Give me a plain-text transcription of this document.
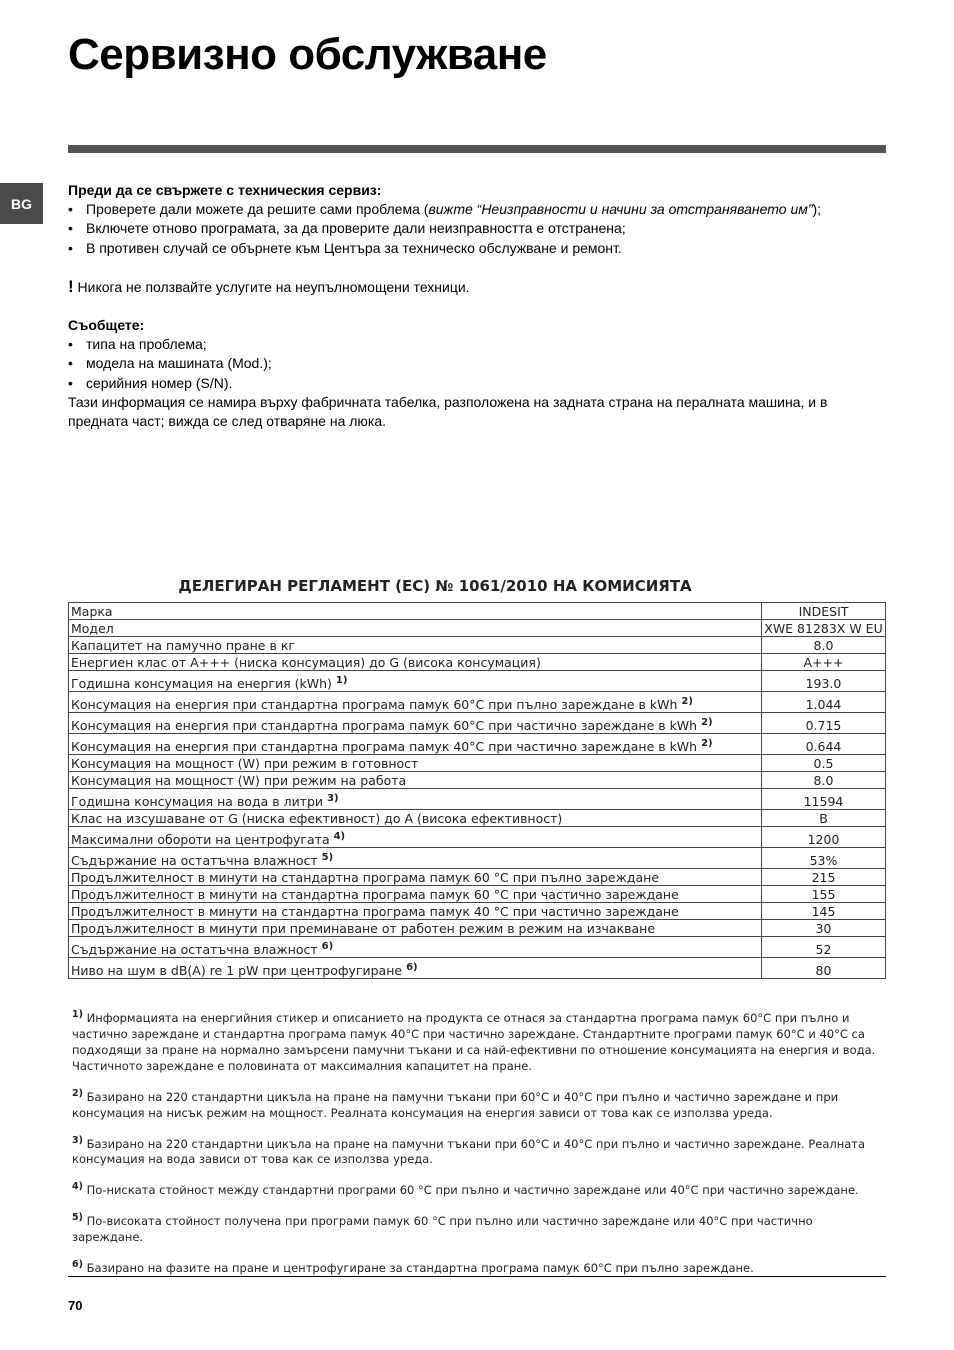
Сервизно обслужване
BG

Преди да се свържете с техническия сервиз:

• Проверете дали можете да решите сами проблема (вижте “Неизправности и начини за отстраняването им”);

• Включете отново програмата, за да проверите дали неизправността е отстранена;

• В противен случай се обърнете към Центъра за техническо обслужване и ремонт.

! Никога не ползвайте услугите на неупълномощени техници.

Съобщете:

• типа на проблема;

• модела на машината (Mod.);

• серийния номер (S/N).

Тази информация се намира върху фабричната табелка, разположена на задната страна на пералната машина, и в предната част; вижда се след отваряне на люка.

ДЕЛЕГИРАН РЕГЛАМЕНТ (ЕС) № 1061/2010 НА КОМИСИЯТА
Марка	INDESIT
Модел	XWE 81283X W EU
Капацитет на памучно пране в кг	8.0
Енергиен клас от А+++ (ниска консумация) до G (висока консумация)	A+++
Годишна консумация на енергия (kWh) $^{1)}$	193.0
Консумация на енергия при стандартна програма памук 60°С при пълно зареждане в kWh $^{2)}$	1.044
Консумация на енергия при стандартна програма памук 60°С при частично зареждане в kWh $^{2)}$	0.715
Консумация на енергия при стандартна програма памук 40°С при частично зареждане в kWh $^{2)}$	0.644
Консумация на мощност (W) при режим в готовност	0.5
Консумация на мощност (W) при режим на работа	8.0
Годишна консумация на вода в литри $^{3)}$	11594
Клас на изсушаване от G (ниска ефективност) до А (висока ефективност)	B
Максимални обороти на центрофугата $^{4)}$	1200
Съдържание на остатъчна влажност $^{5)}$	53%
Продължителност в минути на стандартна програма памук 60 °С при пълно зареждане	215
Продължителност в минути на стандартна програма памук 60 °С при частично зареждане	155
Продължителност в минути на стандартна програма памук 40 °С при частично зареждане	145
Продължителност в минути при преминаване от работен режим в режим на изчакване	30
Съдържание на остатъчна влажност $^{6)}$	52
Ниво на шум в dB(A) re 1 pW при центрофугиране $^{6)}$	80

$^{1)}$ Информацията на енергийния стикер и описанието на продукта се отнася за стандартна програма памук 60°С при пълно и частично зареждане и стандартна програма памук 40°С при частично зареждане. Стандартните програми памук 60°С и 40°С са подходящи за пране на нормално замърсени памучни тъкани и са най-ефективни по отношение консумацията на енергия и вода. Частичното зареждане е половината от максималния капацитет на пране.

$^{2)}$ Базирано на 220 стандартни цикъла на пране на памучни тъкани при 60°С и 40°С при пълно и частично зареждане и при консумация на нисък режим на мощност. Реалната консумация на енергия зависи от това как се използва уреда.

$^{3)}$ Базирано на 220 стандартни цикъла на пране на памучни тъкани при 60°С и 40°С при пълно и частично зареждане. Реалната консумация на вода зависи от това как се използва уреда.

$^{4)}$ По-ниската стойност между стандартни програми 60 °С при пълно и частично зареждане или 40°С при частично зареждане.

$^{5)}$ По-високата стойност получена при програми памук 60 °С при пълно или частично зареждане или 40°С при частично зареждане.

$^{6)}$ Базирано на фазите на пране и центрофугиране за стандартна програма памук 60°С при пълно зареждане.

70
